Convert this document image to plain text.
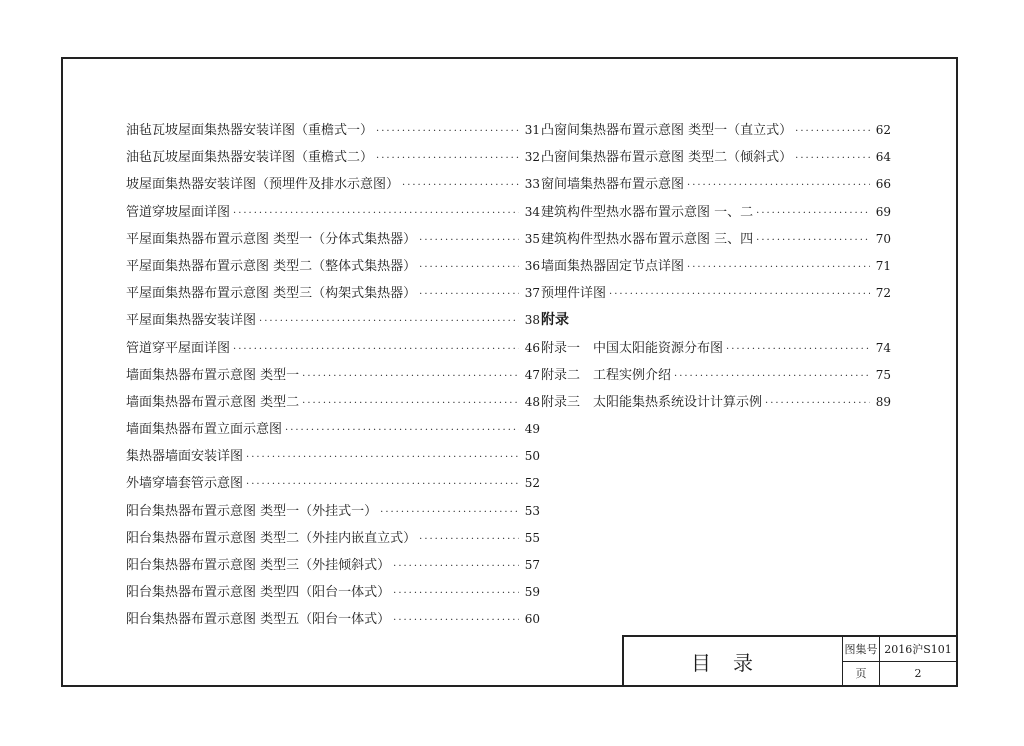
油毡瓦坡屋面集热器安装详图（重檐式一） ·····	31
油毡瓦坡屋面集热器安装详图（重檐式二） ·····	32
坡屋面集热器安装详图（预埋件及排水示意图） ·····	33
管道穿坡屋面详图 ·····	34
平屋面集热器布置示意图 类型一（分体式集热器） ·····	35
平屋面集热器布置示意图 类型二（整体式集热器） ·····	36
平屋面集热器布置示意图 类型三（构架式集热器） ·····	37
平屋面集热器安装详图 ·····	38
管道穿平屋面详图 ·····	46
墙面集热器布置示意图 类型一 ·····	47
墙面集热器布置示意图 类型二 ·····	48
墙面集热器布置立面示意图 ·····	49
集热器墙面安装详图 ·····	50
外墙穿墙套管示意图 ·····	52
阳台集热器布置示意图 类型一（外挂式一） ·····	53
阳台集热器布置示意图 类型二（外挂内嵌直立式） ·····	55
阳台集热器布置示意图 类型三（外挂倾斜式） ·····	57
阳台集热器布置示意图 类型四（阳台一体式） ·····	59
阳台集热器布置示意图 类型五（阳台一体式） ·····	60
凸窗间集热器布置示意图 类型一（直立式） ·····	62
凸窗间集热器布置示意图 类型二（倾斜式） ·····	64
窗间墙集热器布置示意图 ·····	66
建筑构件型热水器布置示意图 一、二 ·····	69
建筑构件型热水器布置示意图 三、四 ·····	70
墙面集热器固定节点详图 ·····	71
预埋件详图 ·····	72
附录
附录一　中国太阳能资源分布图 ·····	74
附录二　工程实例介绍 ·····	75
附录三　太阳能集热系统设计计算示例 ·····	89
目录
图集号 2016沪S101
页	2
